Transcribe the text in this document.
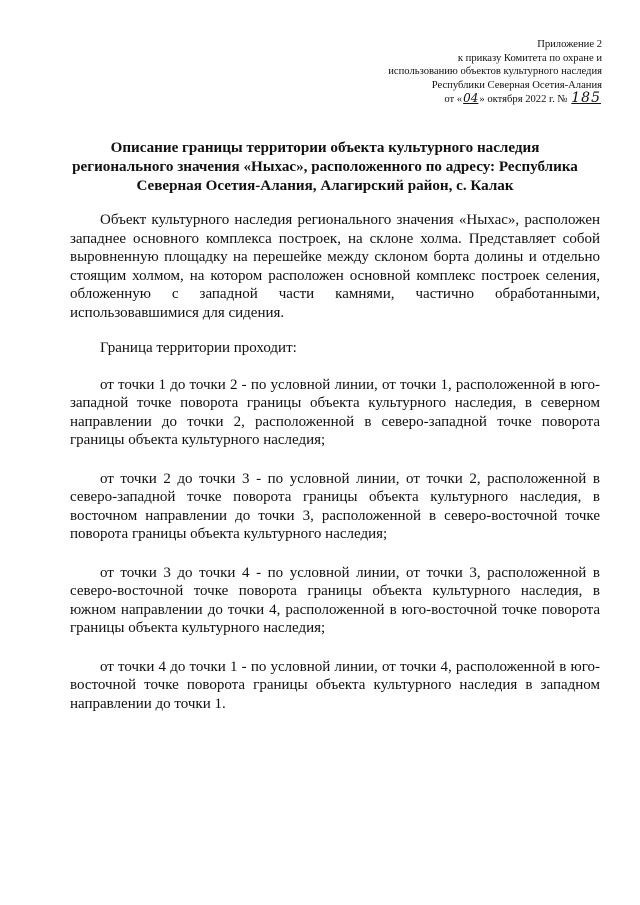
Приложение 2
к приказу Комитета по охране и
использованию объектов культурного наследия
Республики Северная Осетия-Алания
от «04» октября 2022 г. № 185
Описание границы территории объекта культурного наследия
регионального значения «Ныхас», расположенного по адресу: Республика
Северная Осетия-Алания, Алагирский район, с. Калак

Объект культурного наследия регионального значения «Ныхас», расположен западнее основного комплекса построек, на склоне холма. Представляет собой выровненную площадку на перешейке между склоном борта долины и отдельно стоящим холмом, на котором расположен основной комплекс построек селения, обложенную с западной части камнями, частично обработанными, использовавшимися для сидения.

Граница территории проходит:

от точки 1 до точки 2 - по условной линии, от точки 1, расположенной в юго-западной точке поворота границы объекта культурного наследия, в северном направлении до точки 2, расположенной в северо-западной точке поворота границы объекта культурного наследия;

от точки 2 до точки 3 - по условной линии, от точки 2, расположенной в северо-западной точке поворота границы объекта культурного наследия, в восточном направлении до точки 3, расположенной в северо-восточной точке поворота границы объекта культурного наследия;

от точки 3 до точки 4 - по условной линии, от точки 3, расположенной в северо-восточной точке поворота границы объекта культурного наследия, в южном направлении до точки 4, расположенной в юго-восточной точке поворота границы объекта культурного наследия;

от точки 4 до точки 1 - по условной линии, от точки 4, расположенной в юго-восточной точке поворота границы объекта культурного наследия в западном направлении до точки 1.
